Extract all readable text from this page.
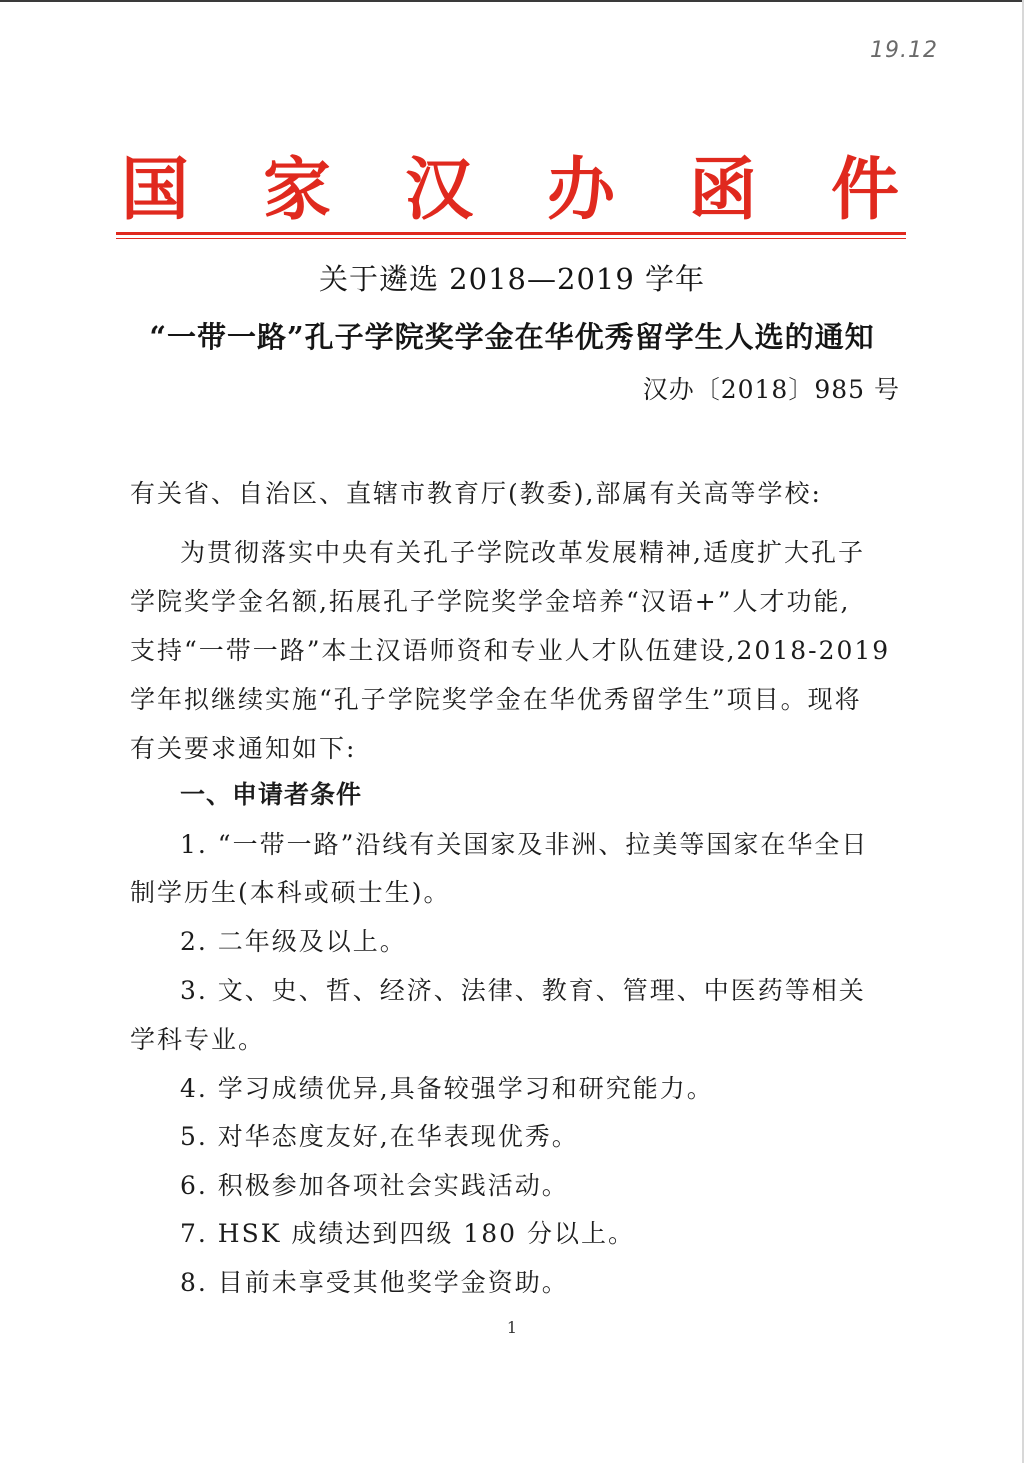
19.12
国	家	汉	办	函	件
关于遴选 2018—2019 学年
“一带一路”孔子学院奖学金在华优秀留学生人选的通知
汉办〔2018〕985 号
有关省、自治区、直辖市教育厅(教委),部属有关高等学校:
为贯彻落实中央有关孔子学院改革发展精神,适度扩大孔子
学院奖学金名额,拓展孔子学院奖学金培养“汉语+”人才功能,
支持“一带一路”本土汉语师资和专业人才队伍建设,2018-2019
学年拟继续实施“孔子学院奖学金在华优秀留学生”项目。现将
有关要求通知如下:
一、申请者条件
1. “一带一路”沿线有关国家及非洲、拉美等国家在华全日
制学历生(本科或硕士生)。
2. 二年级及以上。
3. 文、史、哲、经济、法律、教育、管理、中医药等相关
学科专业。
4. 学习成绩优异,具备较强学习和研究能力。
5. 对华态度友好,在华表现优秀。
6. 积极参加各项社会实践活动。
7. HSK 成绩达到四级 180 分以上。
8. 目前未享受其他奖学金资助。
1
